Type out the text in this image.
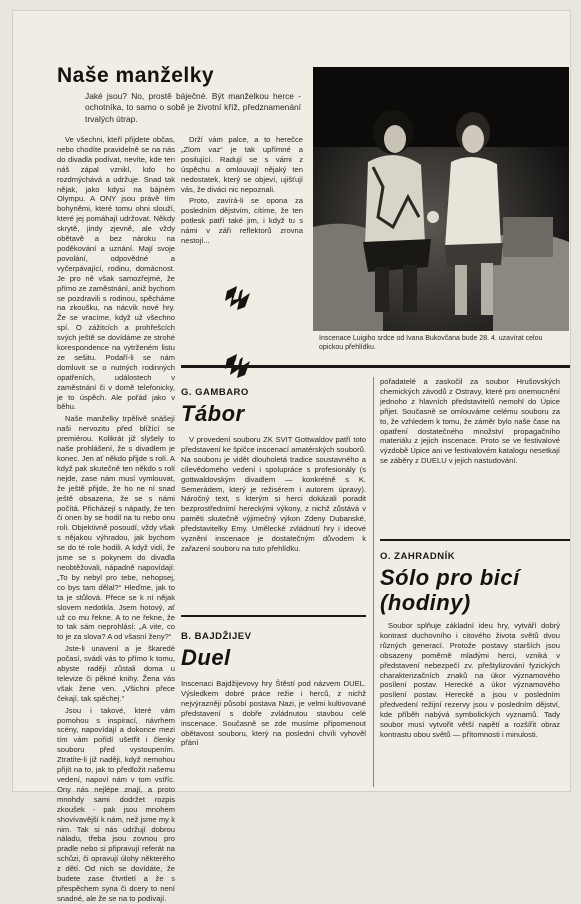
Naše manželky
Jaké jsou? No, prostě báječné. Být manželkou herce - ochotníka, to samo o sobě je životní kříž, předznamenání trvalých útrap.

Ve všechni, kteří přijdete občas, nebo chodíte pravidelně se na nás do divadla podívat, nevíte, kde ten náš zápal vznikl, kdo ho rozdmýchává a udržuje. Snad tak nějak, jako kdysi na bájném Olympu. A ONY jsou právě tím bohyněmi, které tomu ohni slouží, které jej pomáhají udržovat. Někdy skrytě, jindy zjevně, ale vždy obětavě a bez nároku na poděkování a uznání. Mají svoje povolání, odpovědné a vyčerpávající, rodinu, domácnost. Je pro ně však samozřejmé, že přímo ze zaměstnání, aniž bychom se pozdravili s rodinou, spěcháme na zkoušku, na nácvik nové hry. Že se vracíme, když už všechno spí. O zážitcích a prohřešcích svých ještě se dovídáme ze strohé korespondence na vytrženém listu ze sešitu. Podaří-li se nám domluvit se o nutných rodinných opatřeních, událostech v zaměstnání či v domě telefonicky, je to úspěch. Ale pořád jako v běhu.

Naše manželky trpělivě snášejí naši nervozitu před blížící se premiérou. Kolikrát již slyšely to naše prohlášení, že s divadlem je konec. Jen ať někdo přijde s rolí. A když pak skutečně ten někdo s rolí nejde, zase nám musí vymlouvat, že ještě přijde, že ho ne ní snad ještě obsazena, že se s námi počítá. Přicházejí s nápady, že ten či onen by se hodil na tu nebo onu roli. Objektivně posoudí, vždy však s nějakou výhradou, jak bychom se do té role hodili. A když vidí, že jsme se s pokynem do divadla neobtěžovali, nápadně napovídají: „To by nebyl pro tebe, nehopsej, co bys tam dělal?“ Hleďme, jak to ta je stůlová. Přece se k ní nějak slovem nedotkla. Jsem hotový, ať už co mu řekne. A to ne řekne, že to tak sám neprohlásí: „A vite, co to je za slova? A od všasní ženy?“

Jste-li unavení a je škaredé počasí, svádí vás to přímo k tomu, abyste raději zůstali doma u televize či pěkné knihy. Žena vás však žene ven. „Všichni přece čekají, tak spěchej.“

Jsou i takové, které vám pomohou s inspirací, návrhem scény, napovídají a dokonce mezi tím vám pořídí ušetřit i členky souboru před vystoupením. Ztratíte-li již naději, když nemohou přijít na to, jak to předložit našemu vedení, napoví nám v tom vstříc. Ony nás nejlépe znají, a proto mnohdy sami dodržet rozpis zkoušek - pak jsou mnohem shovívavější k nám, než jsme my k nim. Tak si nás udržují dobrou náladu, třeba jsou zovnou pro pradle nebo si připravují referát na schůzi, či opravují úlohy některého z dětí. Od nich se dovídáte, že budete zase čtvrtletí a že s přespěchem syna či dcery to není snadné, ale že se na to podívají.

Drží vám palce, a to herečce „Zlom vaz“ je tak upřímné a posilující. Radují se s vámi z úspěchu a omlouvají nějaký ten nedostatek, který se objeví, ujišťují vás, že diváci nic nepoznali.

Proto, zavírá-li se opona za posledním dějstvím, cítíme, že ten potlesk patří také jim, i když tu s námi v záři reflektorů zrovna nestojí...

Inscenace Luigiho srdce od Ivana Bukovčana bude 28. 4. uzavírat celou opickou přehlídku.
G. GAMBARO
Tábor

V provedení souboru ZK SVIT Gottwaldov patří toto představení ke špičce inscenací amatérských souborů. Na souboru je vidět dlouholetá tradice soustavného a cílevědomého vedení i spolupráce s profesionály (s gottwaldovským divadlem — konkrétně s K. Semerádem, který je režisérem i autorem úpravy). Náročný text, s kterým si herci dokázali poradit bezprostřednímí hereckými výkony, z nichž zůstává v paměti skutečně výjimečný výkon Zdeny Dubanské, představitelky Emy. Umělecké zvládnutí hry i ideové vyznění inscenace je dostatečným důvodem k zařazení souboru na tuto přehlídku.

pořadatelé a zaskočil za soubor Hrušovských chemických závodů z Ostravy, které pro onemocnění jednoho z hlavních představitelů nemohl do Úpice přijet. Současně se omlouváme celému souboru za to, že vzhledem k tomu, že záměr bylo naše čase na opatření dostatečného množství propagačního materiálu z jejich inscenace. Proto se ve festivalové výzdobě Úpice ani ve festivalovém katalogu nesetkají se záběry z DUELU v jejich nastudování.

B. BAJDŽIJEV
Duel

Inscenaci Bajdžijevovy hry Štěstí pod názvem DUEL. Výsledkem dobré práce režie i herců, z nichž nejvýrazněji působí postava Nazi, je velmi kultivované představení s dobře zvládnutou stavbou celé inscenace. Současně se zde musíme připomenout obětavost souboru, který na poslední chvíli vyhověl přání

O. ZAHRADNÍK
Sólo pro bicí (hodiny)

Soubor splňuje základní ideu hry, vytváří dobrý kontrast duchovního i citového života světů dvou různých generací. Protože postavy starších jsou obsazeny poměrně mladými herci, vzniká v představení nebezpečí zv. přeštylizování fyzických charakterizačních znaků na úkor významového posílení postav. Herecké a úkor významového posílení postav. Herecké a jsou v posledním předvedení režijní rezervy jsou v posledním dějství, kde příběh nabývá symbolických vyznamů. Tady soubor musí vytvořit větší napětí a rozšířit obraz kontrastu obou světů — přítomnosti i minulosti.
